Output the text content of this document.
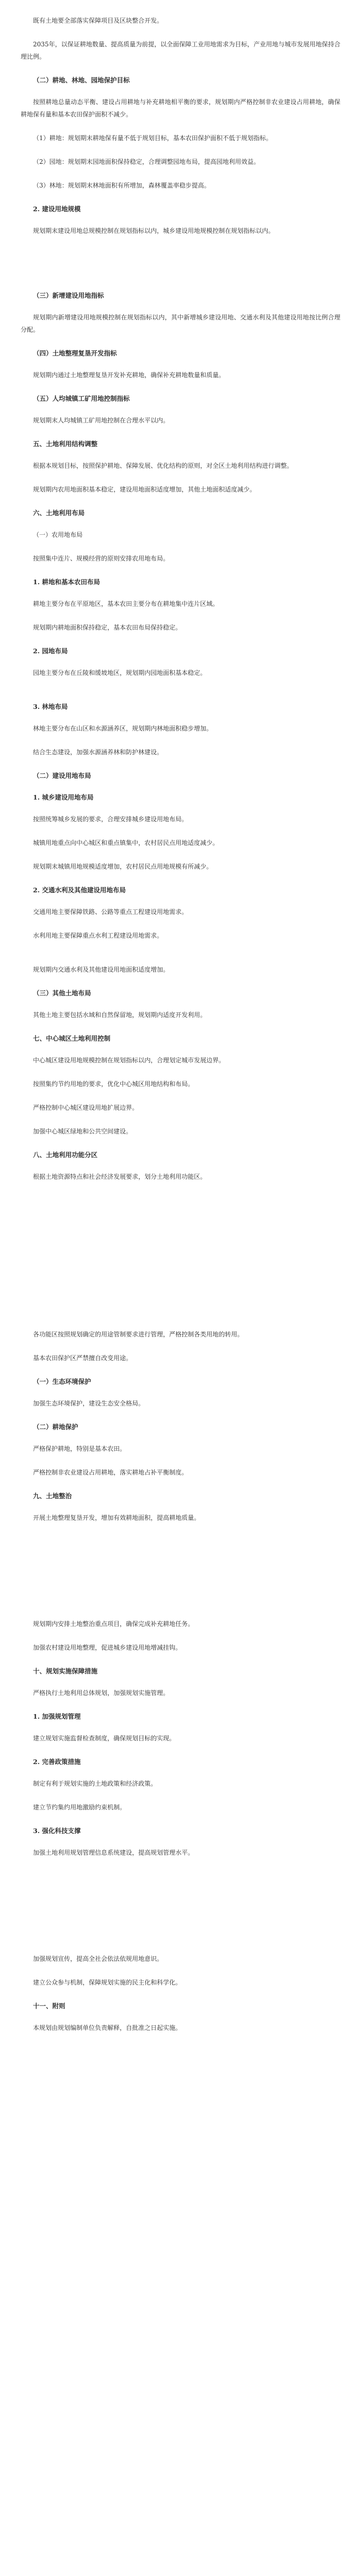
既有土地要全部落实保障项目及区块整合开发。

2035年，以保证耕地数量、提高质量为前提，以全面保障工业用地需求为目标，产业用地与城市发展用地保持合理比例。

（二）耕地、林地、园地保护目标

按照耕地总量动态平衡、建设占用耕地与补充耕地相平衡的要求，规划期内严格控制非农业建设占用耕地，确保耕地保有量和基本农田保护面积不减少。

（1）耕地：规划期末耕地保有量不低于规划目标，基本农田保护面积不低于规划指标。

（2）园地：规划期末园地面积保持稳定，合理调整园地布局，提高园地利用效益。

（3）林地：规划期末林地面积有所增加，森林覆盖率稳步提高。

2. 建设用地规模

规划期末建设用地总规模控制在规划指标以内，城乡建设用地规模控制在规划指标以内。

（三）新增建设用地指标

规划期内新增建设用地规模控制在规划指标以内，其中新增城乡建设用地、交通水利及其他建设用地按比例合理分配。

（四）土地整理复垦开发指标

规划期内通过土地整理复垦开发补充耕地，确保补充耕地数量和质量。

（五）人均城镇工矿用地控制指标

规划期末人均城镇工矿用地控制在合理水平以内。

五、土地利用结构调整

根据本规划目标，按照保护耕地、保障发展、优化结构的原则，对全区土地利用结构进行调整。

规划期内农用地面积基本稳定，建设用地面积适度增加，其他土地面积适度减少。

六、土地利用布局

（一）农用地布局

按照集中连片、规模经营的原则安排农用地布局。

1. 耕地和基本农田布局

耕地主要分布在平原地区，基本农田主要分布在耕地集中连片区域。

规划期内耕地面积保持稳定，基本农田布局保持稳定。

2. 园地布局

园地主要分布在丘陵和缓坡地区，规划期内园地面积基本稳定。

3. 林地布局

林地主要分布在山区和水源涵养区，规划期内林地面积稳步增加。

结合生态建设，加强水源涵养林和防护林建设。

（二）建设用地布局
1. 城乡建设用地布局

按照统筹城乡发展的要求，合理安排城乡建设用地布局。

城镇用地重点向中心城区和重点镇集中，农村居民点用地适度减少。

规划期末城镇用地规模适度增加，农村居民点用地规模有所减少。

2. 交通水利及其他建设用地布局

交通用地主要保障铁路、公路等重点工程建设用地需求。

水利用地主要保障重点水利工程建设用地需求。

规划期内交通水利及其他建设用地面积适度增加。

（三）其他土地布局

其他土地主要包括水域和自然保留地，规划期内适度开发利用。

七、中心城区土地利用控制

中心城区建设用地规模控制在规划指标以内，合理划定城市发展边界。

按照集约节约用地的要求，优化中心城区用地结构和布局。

严格控制中心城区建设用地扩展边界。

加强中心城区绿地和公共空间建设。

八、土地利用功能分区

根据土地资源特点和社会经济发展要求，划分土地利用功能区。

各功能区按照规划确定的用途管制要求进行管理，严格控制各类用地的转用。

基本农田保护区严禁擅自改变用途。

（一）生态环境保护

加强生态环境保护，建设生态安全格局。

（二）耕地保护

严格保护耕地，特别是基本农田。

严格控制非农业建设占用耕地，落实耕地占补平衡制度。

九、土地整治

开展土地整理复垦开发，增加有效耕地面积，提高耕地质量。

规划期内安排土地整治重点项目，确保完成补充耕地任务。

加强农村建设用地整理，促进城乡建设用地增减挂钩。

十、规划实施保障措施

严格执行土地利用总体规划，加强规划实施管理。

1. 加强规划管理

建立规划实施监督检查制度，确保规划目标的实现。

2. 完善政策措施

制定有利于规划实施的土地政策和经济政策。

建立节约集约用地激励约束机制。

3. 强化科技支撑

加强土地利用规划管理信息系统建设，提高规划管理水平。

加强规划宣传，提高全社会依法依规用地意识。

建立公众参与机制，保障规划实施的民主化和科学化。

十一、附则

本规划由规划编制单位负责解释，自批准之日起实施。
